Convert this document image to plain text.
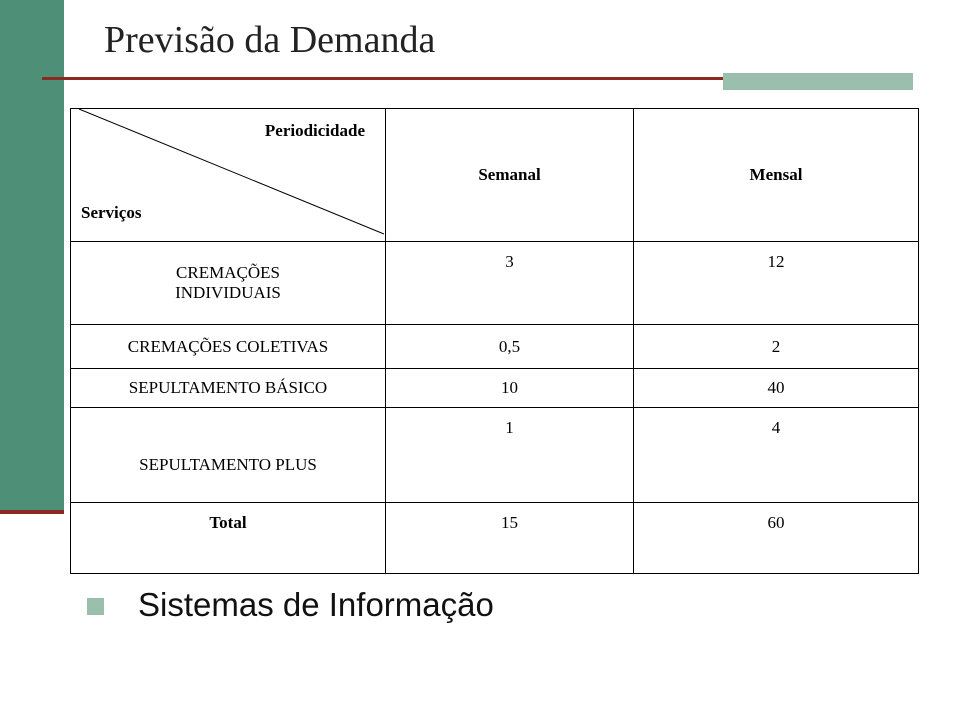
Previsão da Demanda
Periodicidade
Serviços	Semanal	Mensal
CREMAÇÕES INDIVIDUAIS	3	12
CREMAÇÕES COLETIVAS	0,5	2
SEPULTAMENTO BÁSICO	10	40
SEPULTAMENTO PLUS	1	4
Total	15	60
Sistemas de Informação
